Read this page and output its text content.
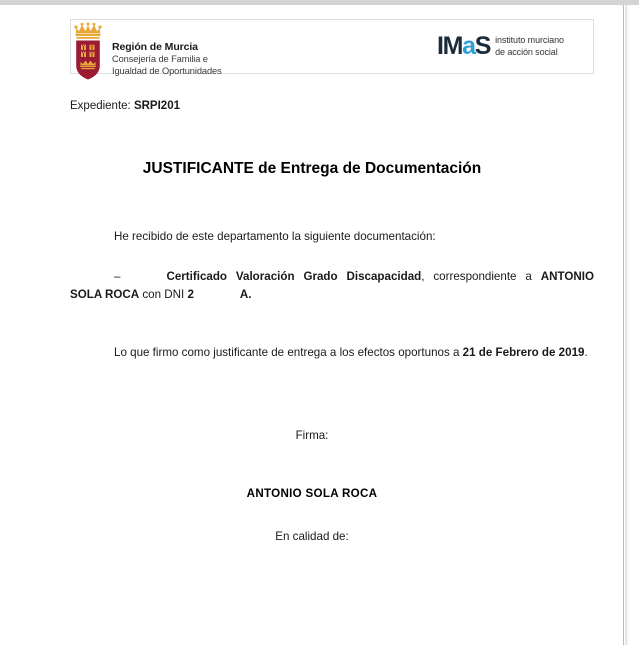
Región de Murcia
Consejería de Familia e
Igualdad de Oportunidades
IMaS instituto murciano
de acción social
Expediente: SRPI201
JUSTIFICANTE de Entrega de Documentación
He recibido de este departamento la siguiente documentación:
–	Certificado Valoración Grado Discapacidad, correspondiente a ANTONIO SOLA ROCA con DNI 2	A.
Lo que firmo como justificante de entrega a los efectos oportunos a 21 de Febrero de 2019.
Firma:
ANTONIO SOLA ROCA
En calidad de:
